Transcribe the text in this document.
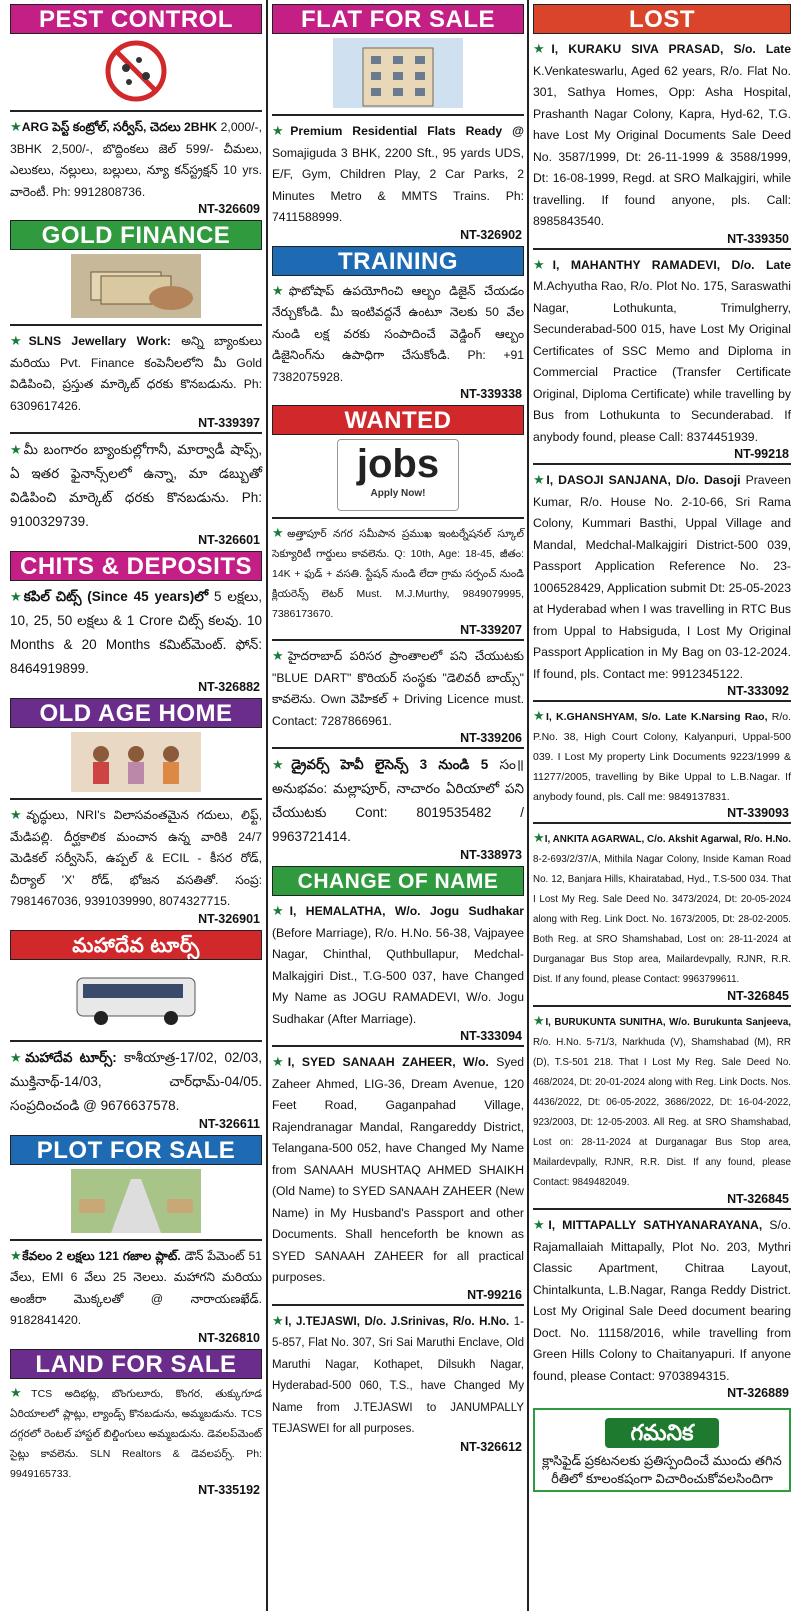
PEST CONTROL
★ARG పెస్ట్ కంట్రోల్, సర్వీస్, చెదలు 2BHK 2,000/-, 3BHK 2,500/-, బొద్దింకలు జెల్ 599/- చీమలు, ఎలుకలు, నల్లులు, బల్లులు, న్యూ కన్‌స్ట్రక్షన్ 10 yrs. వారెంటీ. Ph: 9912808736.
NT-326609
GOLD FINANCE
★SLNS Jewellary Work: అన్ని బ్యాంకులు మరియు Pvt. Finance కంపెనీలలోని మీ Gold విడిపించి, ప్రస్తుత మార్కెట్ ధరకు కొనబడును. Ph: 6309617426.
NT-339397
★మీ బంగారం బ్యాంకుల్లోగానీ, మార్వాడీ షాప్స్, ఏ ఇతర ఫైనాన్స్‌లలో ఉన్నా, మా డబ్బుతో విడిపించి మార్కెట్ ధరకు కొనబడును. Ph: 9100329739.
NT-326601
CHITS & DEPOSITS
★కపిల్ చిట్స్ (Since 45 years)లో 5 లక్షలు, 10, 25, 50 లక్షలు & 1 Crore చిట్స్ కలవు. 10 Months & 20 Months కమిట్‌మెంట్. ఫోన్: 8464919899.
NT-326882
OLD AGE HOME
★వృద్ధులు, NRI's విలాసవంతమైన గదులు, లిఫ్ట్, మేడిపల్లి. దీర్ఘకాలిక మంచాన ఉన్న వారికి 24/7 మెడికల్ సర్వీసెస్, ఉప్పల్ & ECIL - కీసర రోడ్, చీర్యాల్ 'X' రోడ్, భోజన వసతితో. సంప్ర: 7981467036, 9391039990, 8074327715.
NT-326901
మహాదేవ టూర్స్
★మహాదేవ టూర్స్: కాశీయాత్ర-17/02, 02/03, ముక్తినాథ్-14/03, చార్‌ధామ్-04/05. సంప్రదించండి @ 9676637578.
NT-326611
PLOT FOR SALE
★కేవలం 2 లక్షలు 121 గజాల ప్లాట్. డౌన్ పేమెంట్ 51 వేలు, EMI 6 వేలు 25 నెలలు. మహాగని మరియు అంజీరా మొక్కలతో @ నారాయణఖేడ్. 9182841420.
NT-326810
LAND FOR SALE
★TCS అదిభట్ల, బొంగులూరు, కొంగర, తుక్కుగూడ ఏరియాలలో ప్లాట్లు, ల్యాండ్స్ కొనబడును, అమ్మబడును. TCS దగ్గరలో రెంటల్ హాస్టల్ బిల్డింగులు అమ్మబడును. డెవలప్‌మెంట్ సైట్లు కావలెను. SLN Realtors & డెవలపర్స్. Ph: 9949165733.
NT-335192
FLAT FOR SALE
★Premium Residential Flats Ready @ Somajiguda 3 BHK, 2200 Sft., 95 yards UDS, E/F, Gym, Children Play, 2 Car Parks, 2 Minutes Metro & MMTS Trains. Ph: 7411588999.
NT-326902
TRAINING
★ఫొటోషాప్ ఉపయోగించి ఆల్బం డిజైన్ చేయడం నేర్చుకోండి. మీ ఇంటివద్దనే ఉంటూ నెలకు 50 వేల నుండి లక్ష వరకు సంపాదించే వెడ్డింగ్ ఆల్బం డిజైనింగ్‌ను ఉపాధిగా చేసుకోండి. Ph: +91 7382075928.
NT-339338
WANTED
jobs
Apply Now!
★అత్తాపూర్ నగర సమీపాన ప్రముఖ ఇంటర్నేషనల్ స్కూల్ సెక్యూరిటీ గార్డులు కావలెను. Q: 10th, Age: 18-45, జీతం: 14K + ఫుడ్ + వసతి. స్టేషన్ నుండి లేదా గ్రామ సర్పంచ్ నుండి క్లియరెన్స్ లెటర్ Must. M.J.Murthy, 9849079995, 7386173670.
NT-339207
★హైదరాబాద్ పరిసర ప్రాంతాలలో పని చేయుటకు "BLUE DART" కొరియర్ సంస్థకు "డెలివరీ బాయ్స్" కావలెను. Own వెహికల్ + Driving Licence must. Contact: 7287866961.
NT-339206
★డ్రైవర్స్ హెవీ లైసెన్స్ 3 నుండి 5 సం॥ అనుభవం: మల్లాపూర్, నాచారం ఏరియాలో పని చేయుటకు Cont: 8019535482 / 9963721414.
NT-338973
CHANGE OF NAME
★I, HEMALATHA, W/o. Jogu Sudhakar (Before Marriage), R/o. H.No. 56-38, Vajpayee Nagar, Chinthal, Quthbullapur, Medchal-Malkajgiri Dist., T.G-500 037, have Changed My Name as JOGU RAMADEVI, W/o. Jogu Sudhakar (After Marriage).
NT-333094
★I, SYED SANAAH ZAHEER, W/o. Syed Zaheer Ahmed, LIG-36, Dream Avenue, 120 Feet Road, Gaganpahad Village, Rajendranagar Mandal, Rangareddy District, Telangana-500 052, have Changed My Name from SANAAH MUSHTAQ AHMED SHAIKH (Old Name) to SYED SANAAH ZAHEER (New Name) in My Husband's Passport and other Documents. Shall henceforth be known as SYED SANAAH ZAHEER for all practical purposes.
NT-99216
★I, J.TEJASWI, D/o. J.Srinivas, R/o. H.No. 1-5-857, Flat No. 307, Sri Sai Maruthi Enclave, Old Maruthi Nagar, Kothapet, Dilsukh Nagar, Hyderabad-500 060, T.S., have Changed My Name from J.TEJASWI to JANUMPALLY TEJASWEI for all purposes.
NT-326612
LOST
★I, KURAKU SIVA PRASAD, S/o. Late K.Venkateswarlu, Aged 62 years, R/o. Flat No. 301, Sathya Homes, Opp: Asha Hospital, Prashanth Nagar Colony, Kapra, Hyd-62, T.G. have Lost My Original Documents Sale Deed No. 3587/1999, Dt: 26-11-1999 & 3588/1999, Dt: 16-08-1999, Regd. at SRO Malkajgiri, while travelling. If found anyone, pls. Call: 8985843540.
NT-339350
★I, MAHANTHY RAMADEVI, D/o. Late M.Achyutha Rao, R/o. Plot No. 175, Saraswathi Nagar, Lothukunta, Trimulgherry, Secunderabad-500 015, have Lost My Original Certificates of SSC Memo and Diploma in Commercial Practice (Transfer Certificate Original, Diploma Certificate) while travelling by Bus from Lothukunta to Secunderabad. If anybody found, please Call: 8374451939.
NT-99218
★I, DASOJI SANJANA, D/o. Dasoji Praveen Kumar, R/o. House No. 2-10-66, Sri Rama Colony, Kummari Basthi, Uppal Village and Mandal, Medchal-Malkajgiri District-500 039, Passport Application Reference No. 23-1006528429, Application submit Dt: 25-05-2023 at Hyderabad when I was travelling in RTC Bus from Uppal to Habsiguda, I Lost My Original Passport Application in My Bag on 03-12-2024. If found, pls. Contact me: 9912345122.
NT-333092
★I, K.GHANSHYAM, S/o. Late K.Narsing Rao, R/o. P.No. 38, High Court Colony, Kalyanpuri, Uppal-500 039. I Lost My property Link Documents 9223/1999 & 11277/2005, travelling by Bike Uppal to L.B.Nagar. If anybody found, pls. Call me: 9849137831.
NT-339093
★I, ANKITA AGARWAL, C/o. Akshit Agarwal, R/o. H.No. 8-2-693/2/37/A, Mithila Nagar Colony, Inside Kaman Road No. 12, Banjara Hills, Khairatabad, Hyd., T.S-500 034. That I Lost My Reg. Sale Deed No. 3473/2024, Dt: 20-05-2024 along with Reg. Link Doct. No. 1673/2005, Dt: 28-02-2005. Both Reg. at SRO Shamshabad, Lost on: 28-11-2024 at Durganagar Bus Stop area, Mailardevpally, RJNR, R.R. Dist. If any found, please Contact: 9963799611.
NT-326845
★I, BURUKUNTA SUNITHA, W/o. Burukunta Sanjeeva, R/o. H.No. 5-71/3, Narkhuda (V), Shamshabad (M), RR (D), T.S-501 218. That I Lost My Reg. Sale Deed No. 468/2024, Dt: 20-01-2024 along with Reg. Link Docts. Nos. 4436/2022, Dt: 06-05-2022, 3686/2022, Dt: 16-04-2022, 923/2003, Dt: 12-05-2003. All Reg. at SRO Shamshabad, Lost on: 28-11-2024 at Durganagar Bus Stop area, Mailardevpally, RJNR, R.R. Dist. If any found, please Contact: 9849482049.
NT-326845
★I, MITTAPALLY SATHYANARAYANA, S/o. Rajamallaiah Mittapally, Plot No. 203, Mythri Classic Apartment, Chitraa Layout, Chintalkunta, L.B.Nagar, Ranga Reddy District. Lost My Original Sale Deed document bearing Doct. No. 11158/2016, while travelling from Green Hills Colony to Chaitanyapuri. If anyone found, please Contact: 9703894315.
NT-326889
గమనిక
క్లాసిఫైడ్ ప్రకటనలకు ప్రతిస్పందించే ముందు తగిన రీతిలో కూలంకషంగా విచారించుకోవలసిందిగా
